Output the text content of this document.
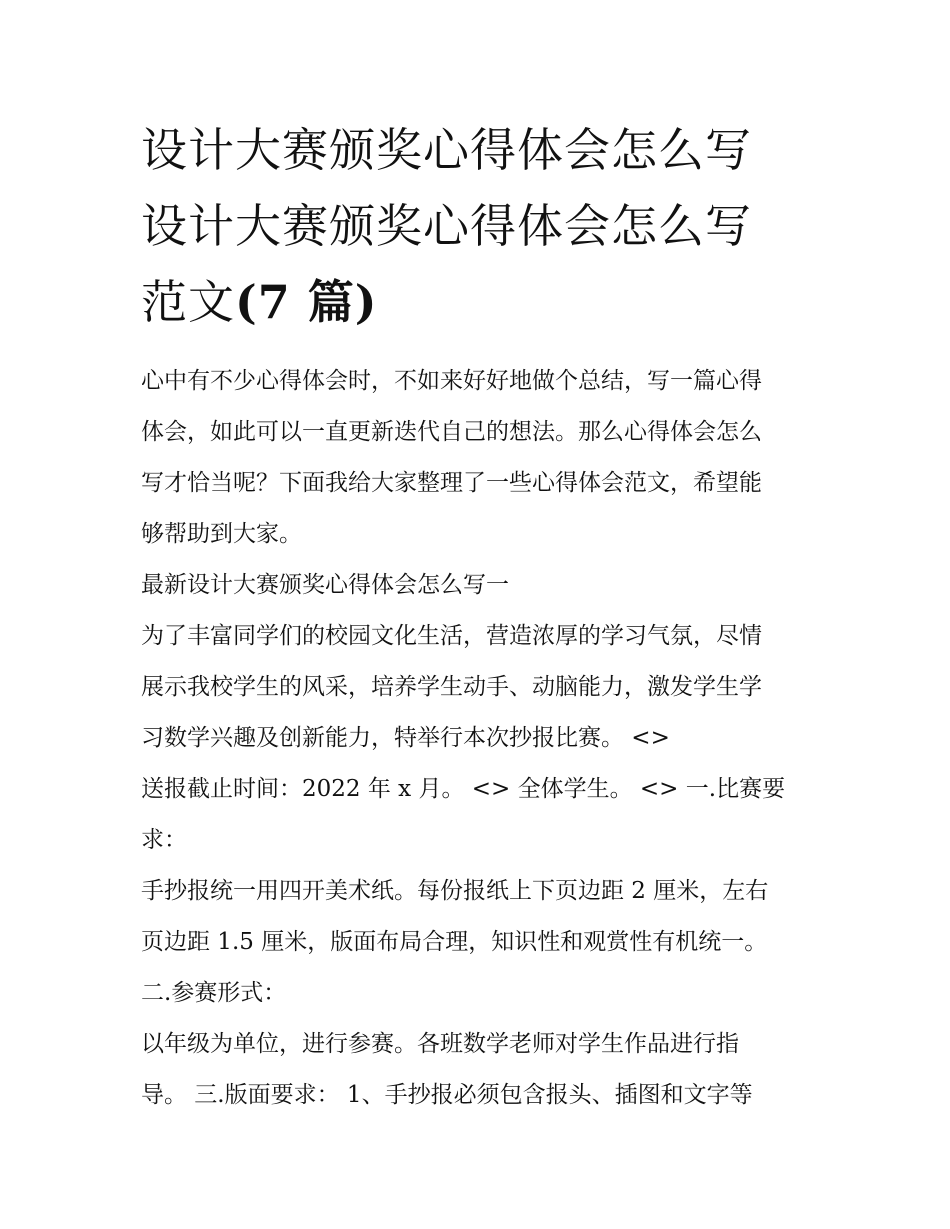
设计大赛颁奖心得体会怎么写
设计大赛颁奖心得体会怎么写
范文(7 篇)
心中有不少心得体会时，不如来好好地做个总结，写一篇心得
体会，如此可以一直更新迭代自己的想法。那么心得体会怎么
写才恰当呢？下面我给大家整理了一些心得体会范文，希望能
够帮助到大家。
最新设计大赛颁奖心得体会怎么写一
为了丰富同学们的校园文化生活，营造浓厚的学习气氛，尽情
展示我校学生的风采，培养学生动手、动脑能力，激发学生学
习数学兴趣及创新能力，特举行本次抄报比赛。 <>
送报截止时间：2022 年 x 月。 <> 全体学生。 <> 一.比赛要
求：
手抄报统一用四开美术纸。每份报纸上下页边距 2 厘米，左右
页边距 1.5 厘米，版面布局合理，知识性和观赏性有机统一。
二.参赛形式：
以年级为单位，进行参赛。各班数学老师对学生作品进行指
导。 三.版面要求： 1、手抄报必须包含报头、插图和文字等
